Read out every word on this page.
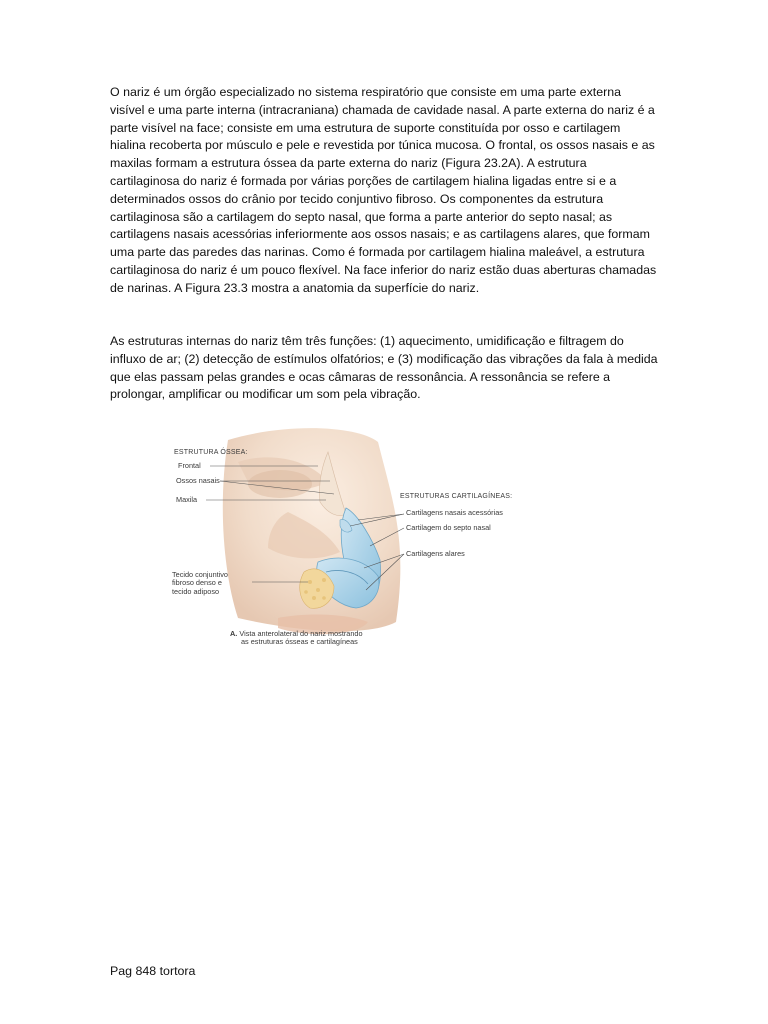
O nariz é um órgão especializado no sistema respiratório que consiste em uma parte externa visível e uma parte interna (intracraniana) chamada de cavidade nasal. A parte externa do nariz é a parte visível na face; consiste em uma estrutura de suporte constituída por osso e cartilagem hialina recoberta por músculo e pele e revestida por túnica mucosa. O frontal, os ossos nasais e as maxilas formam a estrutura óssea da parte externa do nariz (Figura 23.2A). A estrutura cartilaginosa do nariz é formada por várias porções de cartilagem hialina ligadas entre si e a determinados ossos do crânio por tecido conjuntivo fibroso. Os componentes da estrutura cartilaginosa são a cartilagem do septo nasal, que forma a parte anterior do septo nasal; as cartilagens nasais acessórias inferiormente aos ossos nasais; e as cartilagens alares, que formam uma parte das paredes das narinas. Como é formada por cartilagem hialina maleável, a estrutura cartilaginosa do nariz é um pouco flexível. Na face inferior do nariz estão duas aberturas chamadas de narinas. A Figura 23.3 mostra a anatomia da superfície do nariz.

As estruturas internas do nariz têm três funções: (1) aquecimento, umidificação e filtragem do influxo de ar; (2) detecção de estímulos olfatórios; e (3) modificação das vibrações da fala à medida que elas passam pelas grandes e ocas câmaras de ressonância. A ressonância se refere a prolongar, amplificar ou modificar um som pela vibração.

ESTRUTURA ÓSSEA:
Frontal
Ossos nasais
Maxila	ESTRUTURAS CARTILAGÍNEAS:
Cartilagens nasais acessórias
Cartilagem do septo nasal
Cartilagens alares
Tecido conjuntivo
fibroso denso e
tecido adiposo
A. Vista anterolateral do nariz mostrando
as estruturas ósseas e cartilagíneas
Pag 848 tortora
